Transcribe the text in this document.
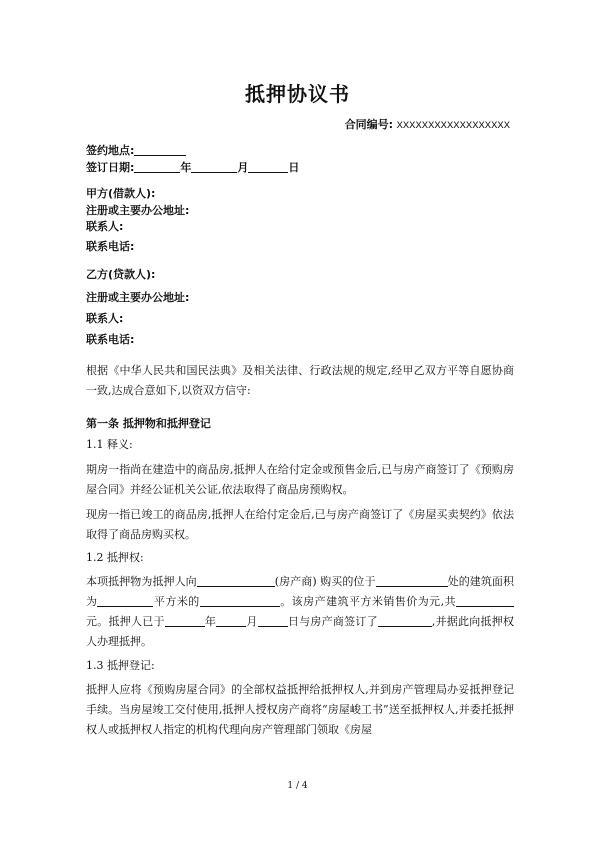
抵押协议书
合同编号: XXXXXXXXXXXXXXXXXX
签约地点:
签订日期:	年	月	日
甲方(借款人):
注册或主要办公地址:
联系人:
联系电话:
乙方(贷款人):
注册或主要办公地址:
联系人:
联系电话:
根据《中华人民共和国民法典》及相关法律、行政法规的规定,经甲乙双方平等自愿协商一致,达成合意如下,以资双方信守:
第一条 抵押物和抵押登记
1.1 释义:
期房一指尚在建造中的商品房,抵押人在给付定金或预售金后,已与房产商签订了《预购房屋合同》并经公证机关公证,依法取得了商品房预购权。
现房一指已竣工的商品房,抵押人在给付定金后,已与房产商签订了《房屋买卖契约》依法取得了商品房购买权。
1.2 抵押权:
本项抵押物为抵押人向	(房产商) 购买的位于	处的建筑面积为	平方米的	。该房产建筑平方米销售价为元,共元。抵押人已于	年	月	日与房产商签订了	,并据此向抵押权人办理抵押。
1.3 抵押登记:
抵押人应将《预购房屋合同》的全部权益抵押给抵押权人,并到房产管理局办妥抵押登记手续。当房屋竣工交付使用,抵押人授权房产商将“房屋峻工书”送至抵押权人,并委托抵押权人或抵押权人指定的机构代理向房产管理部门领取《房屋
1 / 4
